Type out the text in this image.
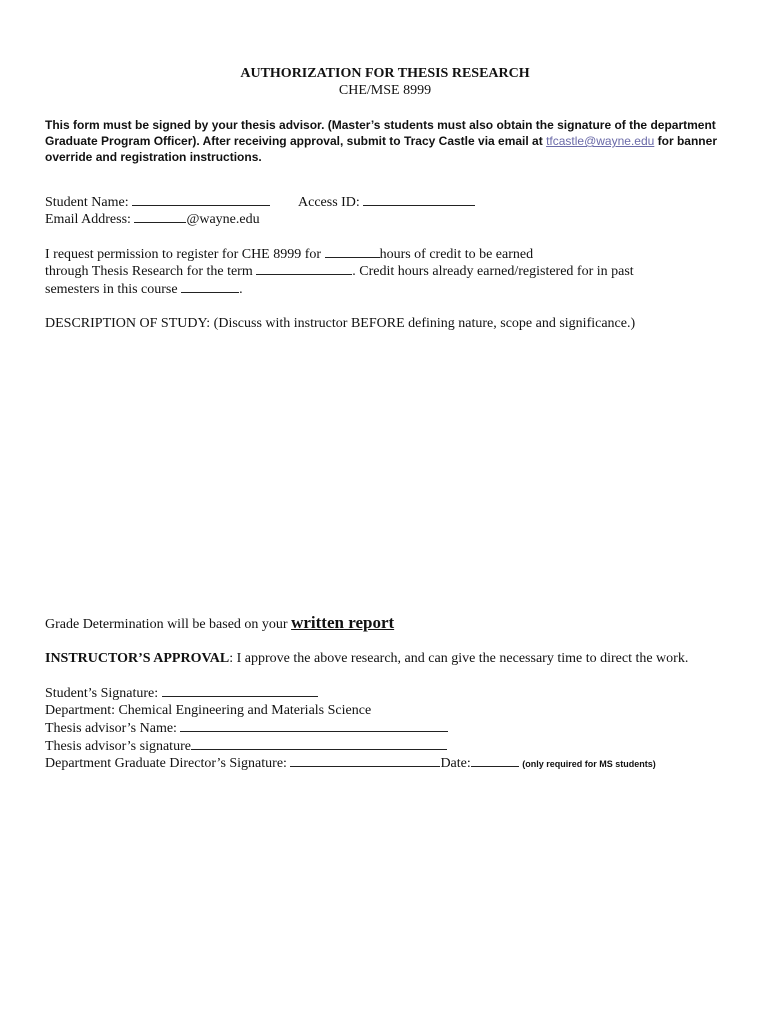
AUTHORIZATION FOR THESIS RESEARCH
CHE/MSE 8999
This form must be signed by your thesis advisor. (Master’s students must also obtain the signature of the department Graduate Program Officer). After receiving approval, submit to Tracy Castle via email at tfcastle@wayne.edu for banner override and registration instructions.
Student Name:	Access ID:
Email Address:	@wayne.edu
I request permission to register for CHE 8999 for	hours of credit to be earned
through Thesis Research for the term	. Credit hours already earned/registered for in past
semesters in this course	.
DESCRIPTION OF STUDY: (Discuss with instructor BEFORE defining nature, scope and significance.)
Grade Determination will be based on your written report
INSTRUCTOR’S APPROVAL: I approve the above research, and can give the necessary time to direct the work.
Student’s Signature:
Department: Chemical Engineering and Materials Science
Thesis advisor’s Name:
Thesis advisor’s signature
Department Graduate Director’s Signature:	Date:	(only required for MS students)
